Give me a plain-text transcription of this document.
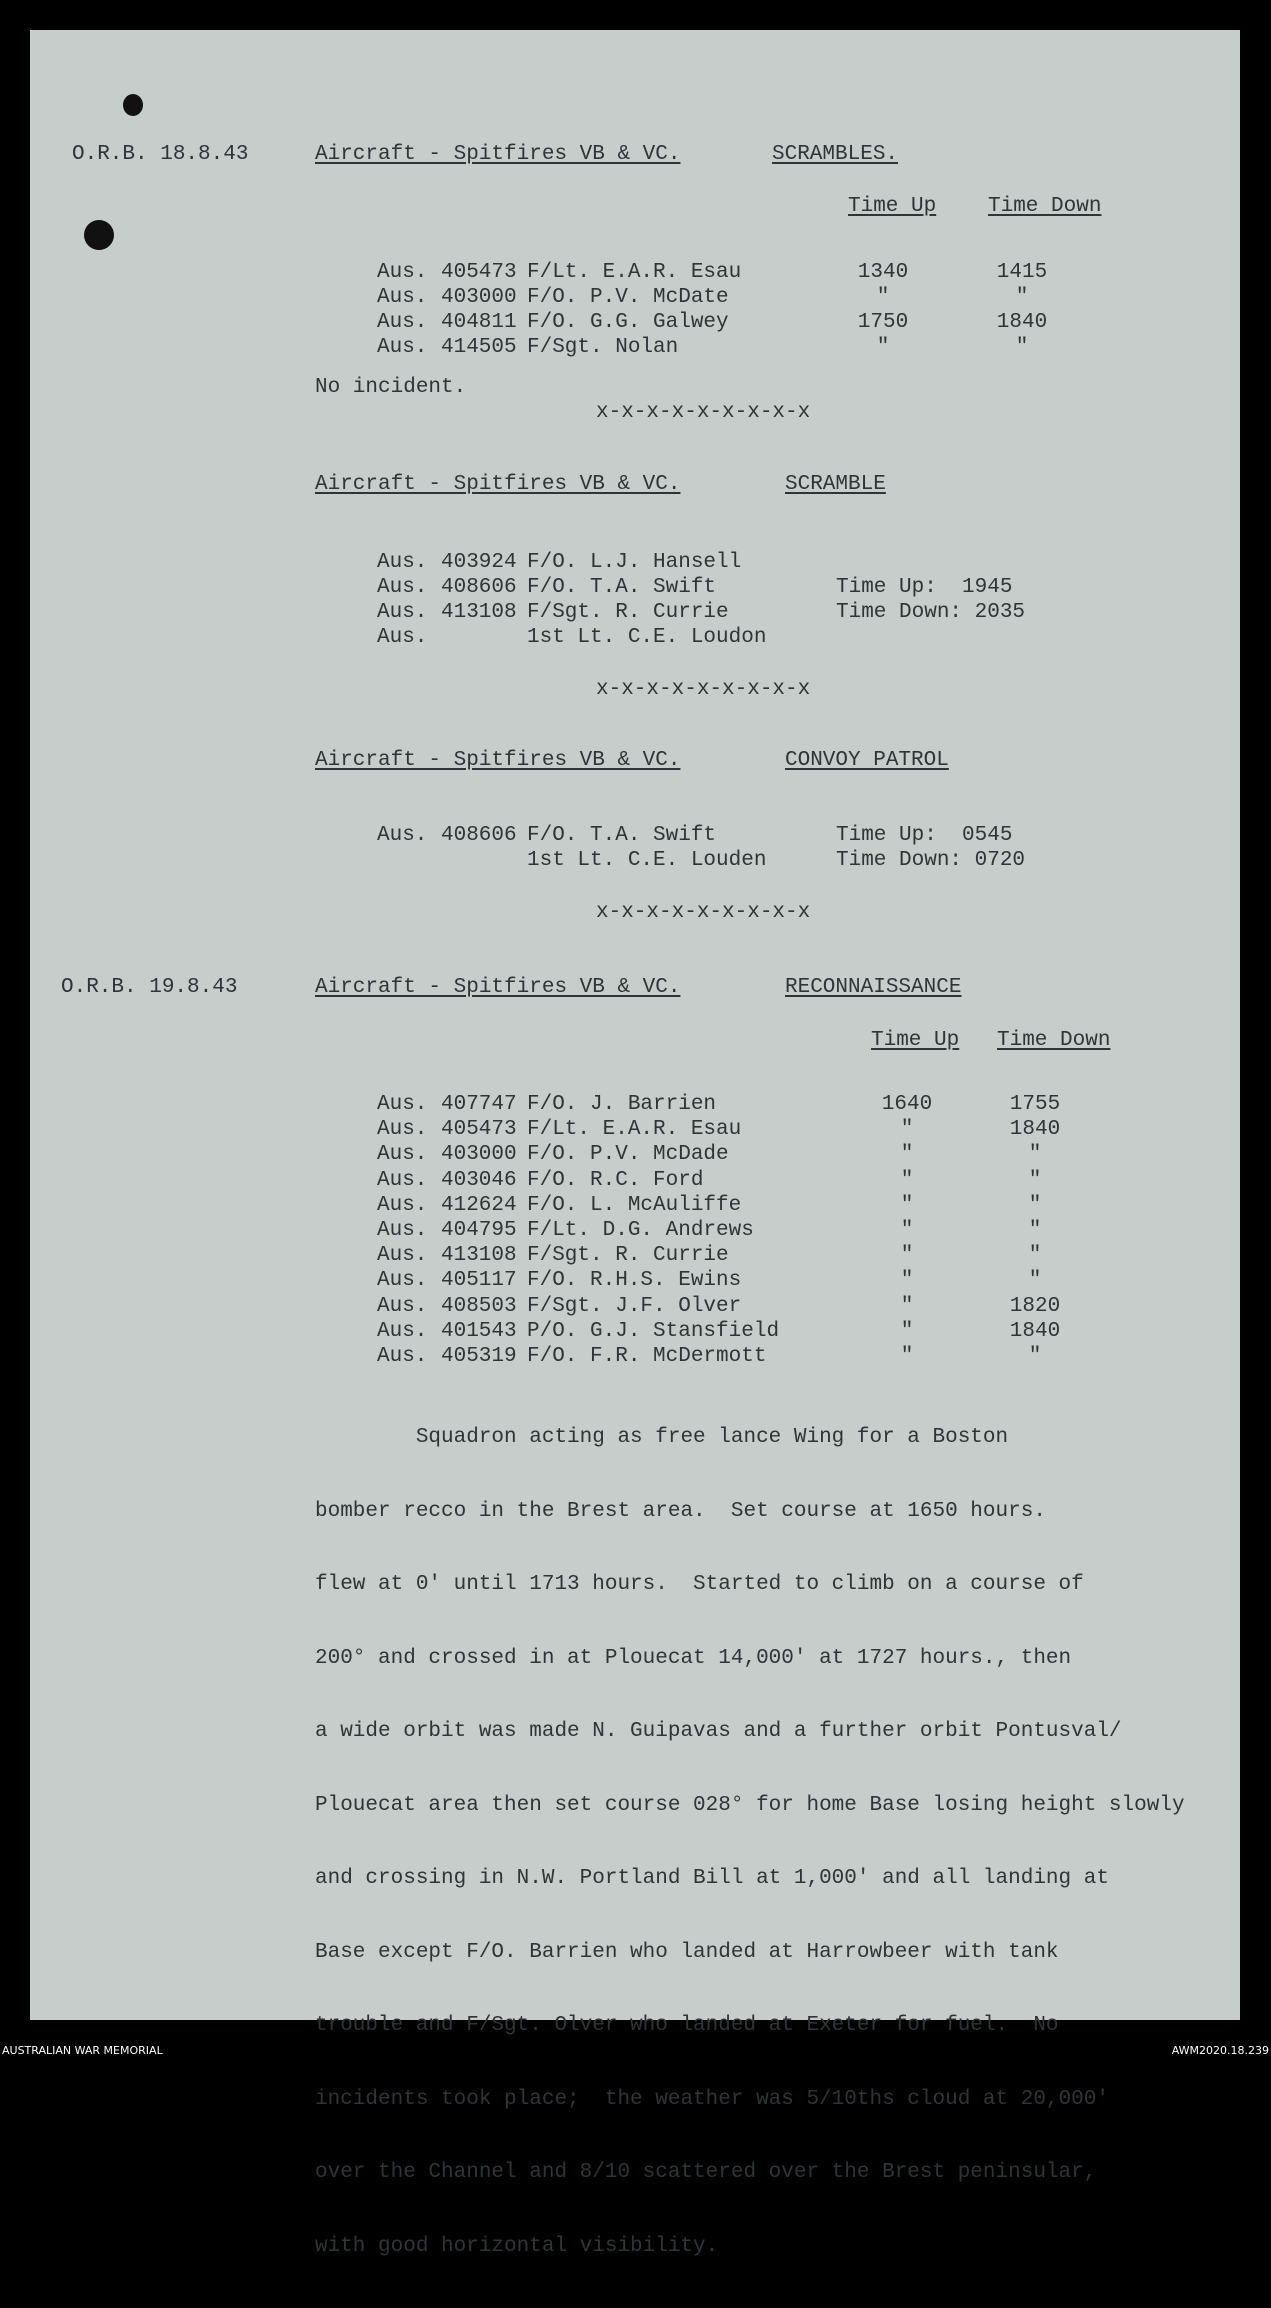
O.R.B. 18.8.43	Aircraft - Spitfires VB & VC.	SCRAMBLES.
Time Up Time Down
Aus. 405473 F/Lt. E.A.R. Esau	1340	1415
Aus. 403000 F/O. P.V. McDate	"	"
Aus. 404811 F/O. G.G. Galwey	1750	1840
Aus. 414505 F/Sgt. Nolan	"	"
No incident.
x-x-x-x-x-x-x-x-x
Aircraft - Spitfires VB & VC.	SCRAMBLE
Aus. 403924 F/O. L.J. Hansell
Aus. 408606 F/O. T.A. Swift
Aus. 413108 F/Sgt. R. Currie
Aus.	1st Lt. C.E. Loudon
Time Up:  1945
Time Down: 2035
x-x-x-x-x-x-x-x-x
Aircraft - Spitfires VB & VC.	CONVOY PATROL
Aus. 408606 F/O. T.A. Swift
1st Lt. C.E. Louden
Time Up:  0545
Time Down: 0720
x-x-x-x-x-x-x-x-x
O.R.B. 19.8.43	Aircraft - Spitfires VB & VC.	RECONNAISSANCE
Time Up Time Down
Aus. 407747 F/O. J. Barrien	1640	1755
Aus. 405473 F/Lt. E.A.R. Esau	"	1840
Aus. 403000 F/O. P.V. McDade	"	"
Aus. 403046 F/O. R.C. Ford	"	"
Aus. 412624 F/O. L. McAuliffe	"	"
Aus. 404795 F/Lt. D.G. Andrews	"	"
Aus. 413108 F/Sgt. R. Currie	"	"
Aus. 405117 F/O. R.H.S. Ewins	"	"
Aus. 408503 F/Sgt. J.F. Olver	"	1820
Aus. 401543 P/O. G.J. Stansfield	"	1840
Aus. 405319 F/O. F.R. McDermott	"	"

Squadron acting as free lance Wing for a Boston

bomber recco in the Brest area.  Set course at 1650 hours.

flew at 0' until 1713 hours.  Started to climb on a course of

200° and crossed in at Plouecat 14,000' at 1727 hours., then

a wide orbit was made N. Guipavas and a further orbit Pontusval/

Plouecat area then set course 028° for home Base losing height slowly

and crossing in N.W. Portland Bill at 1,000' and all landing at

Base except F/O. Barrien who landed at Harrowbeer with tank

trouble and F/Sgt. Olver who landed at Exeter for fuel.  No

incidents took place;  the weather was 5/10ths cloud at 20,000'

over the Channel and 8/10 scattered over the Brest peninsular,

with good horizontal visibility.

AUSTRALIAN WAR MEMORIAL	AWM2020.18.239
